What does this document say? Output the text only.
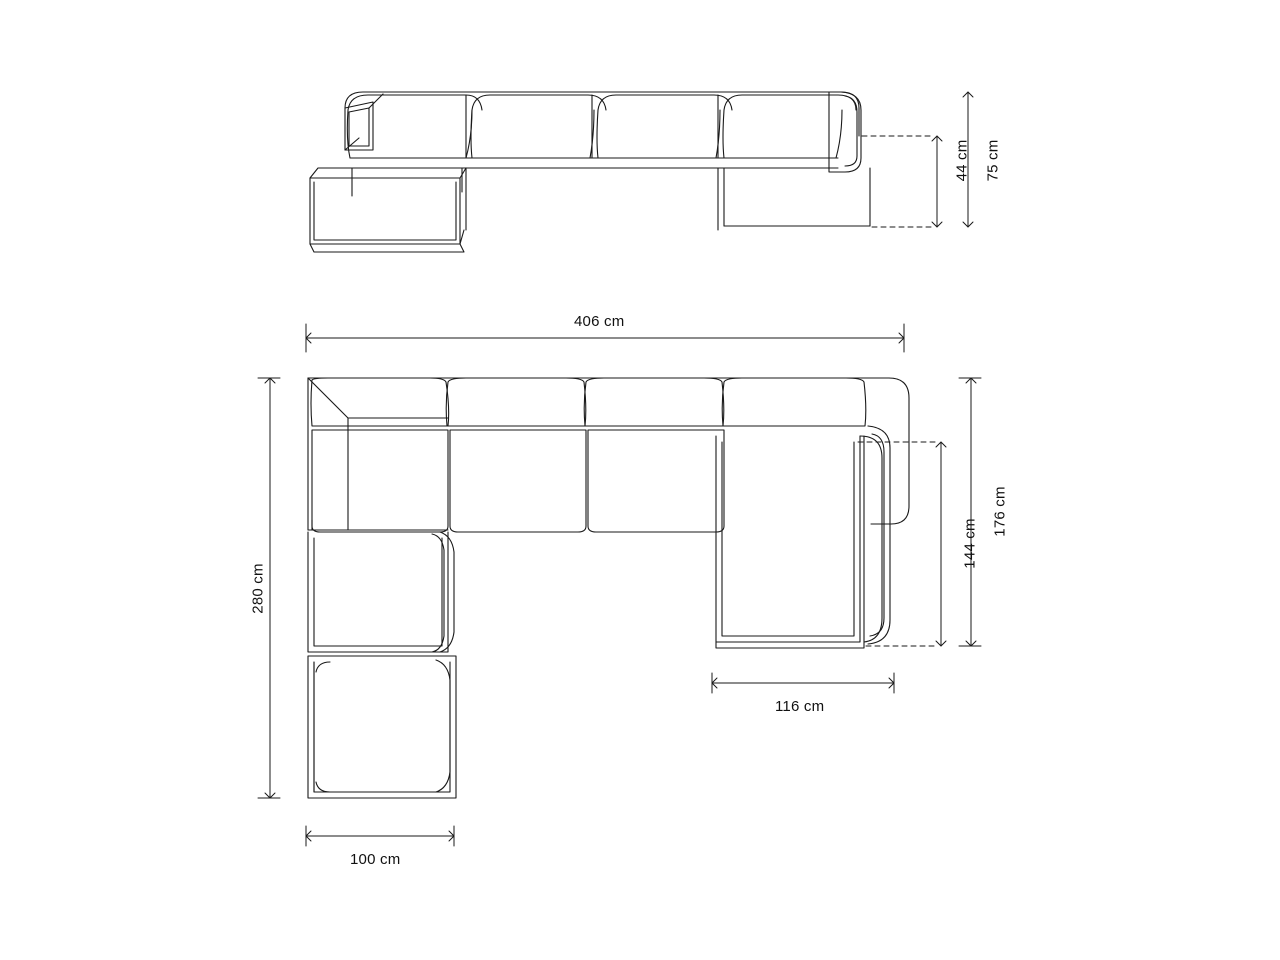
75 cm
44 cm
406 cm
280 cm
176 cm
144 cm
116 cm
100 cm
